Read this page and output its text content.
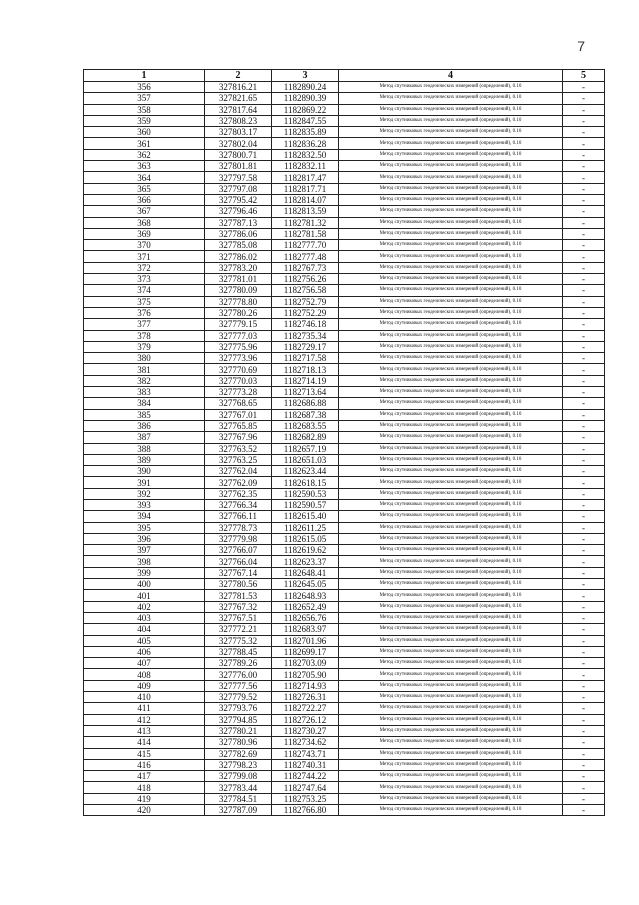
7
1	2	3	4	5
356	327816.21	1182890.24	Метод спутниковых геодезических измерений (определений), 0.10	-
357	327821.65	1182890.39	Метод спутниковых геодезических измерений (определений), 0.10	-
358	327817.64	1182869.22	Метод спутниковых геодезических измерений (определений), 0.10	-
359	327808.23	1182847.55	Метод спутниковых геодезических измерений (определений), 0.10	-
360	327803.17	1182835.89	Метод спутниковых геодезических измерений (определений), 0.10	-
361	327802.04	1182836.28	Метод спутниковых геодезических измерений (определений), 0.10	-
362	327800.71	1182832.50	Метод спутниковых геодезических измерений (определений), 0.10	-
363	327801.81	1182832.11	Метод спутниковых геодезических измерений (определений), 0.10	-
364	327797.58	1182817.47	Метод спутниковых геодезических измерений (определений), 0.10	-
365	327797.08	1182817.71	Метод спутниковых геодезических измерений (определений), 0.10	-
366	327795.42	1182814.07	Метод спутниковых геодезических измерений (определений), 0.10	-
367	327796.46	1182813.59	Метод спутниковых геодезических измерений (определений), 0.10	-
368	327787.13	1182781.32	Метод спутниковых геодезических измерений (определений), 0.10	-
369	327786.06	1182781.58	Метод спутниковых геодезических измерений (определений), 0.10	-
370	327785.08	1182777.70	Метод спутниковых геодезических измерений (определений), 0.10	-
371	327786.02	1182777.48	Метод спутниковых геодезических измерений (определений), 0.10	-
372	327783.20	1182767.73	Метод спутниковых геодезических измерений (определений), 0.10	-
373	327781.01	1182756.26	Метод спутниковых геодезических измерений (определений), 0.10	-
374	327780.09	1182756.58	Метод спутниковых геодезических измерений (определений), 0.10	-
375	327778.80	1182752.79	Метод спутниковых геодезических измерений (определений), 0.10	-
376	327780.26	1182752.29	Метод спутниковых геодезических измерений (определений), 0.10	-
377	327779.15	1182746.18	Метод спутниковых геодезических измерений (определений), 0.10	-
378	327777.03	1182735.34	Метод спутниковых геодезических измерений (определений), 0.10	-
379	327775.96	1182729.17	Метод спутниковых геодезических измерений (определений), 0.10	-
380	327773.96	1182717.58	Метод спутниковых геодезических измерений (определений), 0.10	-
381	327770.69	1182718.13	Метод спутниковых геодезических измерений (определений), 0.10	-
382	327770.03	1182714.19	Метод спутниковых геодезических измерений (определений), 0.10	-
383	327773.28	1182713.64	Метод спутниковых геодезических измерений (определений), 0.10	-
384	327768.65	1182686.88	Метод спутниковых геодезических измерений (определений), 0.10	-
385	327767.01	1182687.38	Метод спутниковых геодезических измерений (определений), 0.10	-
386	327765.85	1182683.55	Метод спутниковых геодезических измерений (определений), 0.10	-
387	327767.96	1182682.89	Метод спутниковых геодезических измерений (определений), 0.10	-
388	327763.52	1182657.19	Метод спутниковых геодезических измерений (определений), 0.10	-
389	327763.25	1182651.03	Метод спутниковых геодезических измерений (определений), 0.10	-
390	327762.04	1182623.44	Метод спутниковых геодезических измерений (определений), 0.10	-
391	327762.09	1182618.15	Метод спутниковых геодезических измерений (определений), 0.10	-
392	327762.35	1182590.53	Метод спутниковых геодезических измерений (определений), 0.10	-
393	327766.34	1182590.57	Метод спутниковых геодезических измерений (определений), 0.10	-
394	327766.11	1182615.40	Метод спутниковых геодезических измерений (определений), 0.10	-
395	327778.73	1182611.25	Метод спутниковых геодезических измерений (определений), 0.10	-
396	327779.98	1182615.05	Метод спутниковых геодезических измерений (определений), 0.10	-
397	327766.07	1182619.62	Метод спутниковых геодезических измерений (определений), 0.10	-
398	327766.04	1182623.37	Метод спутниковых геодезических измерений (определений), 0.10	-
399	327767.14	1182648.41	Метод спутниковых геодезических измерений (определений), 0.10	-
400	327780.56	1182645.05	Метод спутниковых геодезических измерений (определений), 0.10	-
401	327781.53	1182648.93	Метод спутниковых геодезических измерений (определений), 0.10	-
402	327767.32	1182652.49	Метод спутниковых геодезических измерений (определений), 0.10	-
403	327767.51	1182656.76	Метод спутниковых геодезических измерений (определений), 0.10	-
404	327772.21	1182683.97	Метод спутниковых геодезических измерений (определений), 0.10	-
405	327775.32	1182701.96	Метод спутниковых геодезических измерений (определений), 0.10	-
406	327788.45	1182699.17	Метод спутниковых геодезических измерений (определений), 0.10	-
407	327789.26	1182703.09	Метод спутниковых геодезических измерений (определений), 0.10	-
408	327776.00	1182705.90	Метод спутниковых геодезических измерений (определений), 0.10	-
409	327777.56	1182714.93	Метод спутниковых геодезических измерений (определений), 0.10	-
410	327779.52	1182726.31	Метод спутниковых геодезических измерений (определений), 0.10	-
411	327793.76	1182722.27	Метод спутниковых геодезических измерений (определений), 0.10	-
412	327794.85	1182726.12	Метод спутниковых геодезических измерений (определений), 0.10	-
413	327780.21	1182730.27	Метод спутниковых геодезических измерений (определений), 0.10	-
414	327780.96	1182734.62	Метод спутниковых геодезических измерений (определений), 0.10	-
415	327782.69	1182743.71	Метод спутниковых геодезических измерений (определений), 0.10	-
416	327798.23	1182740.31	Метод спутниковых геодезических измерений (определений), 0.10	-
417	327799.08	1182744.22	Метод спутниковых геодезических измерений (определений), 0.10	-
418	327783.44	1182747.64	Метод спутниковых геодезических измерений (определений), 0.10	-
419	327784.51	1182753.25	Метод спутниковых геодезических измерений (определений), 0.10	-
420	327787.09	1182766.80	Метод спутниковых геодезических измерений (определений), 0.10	-
